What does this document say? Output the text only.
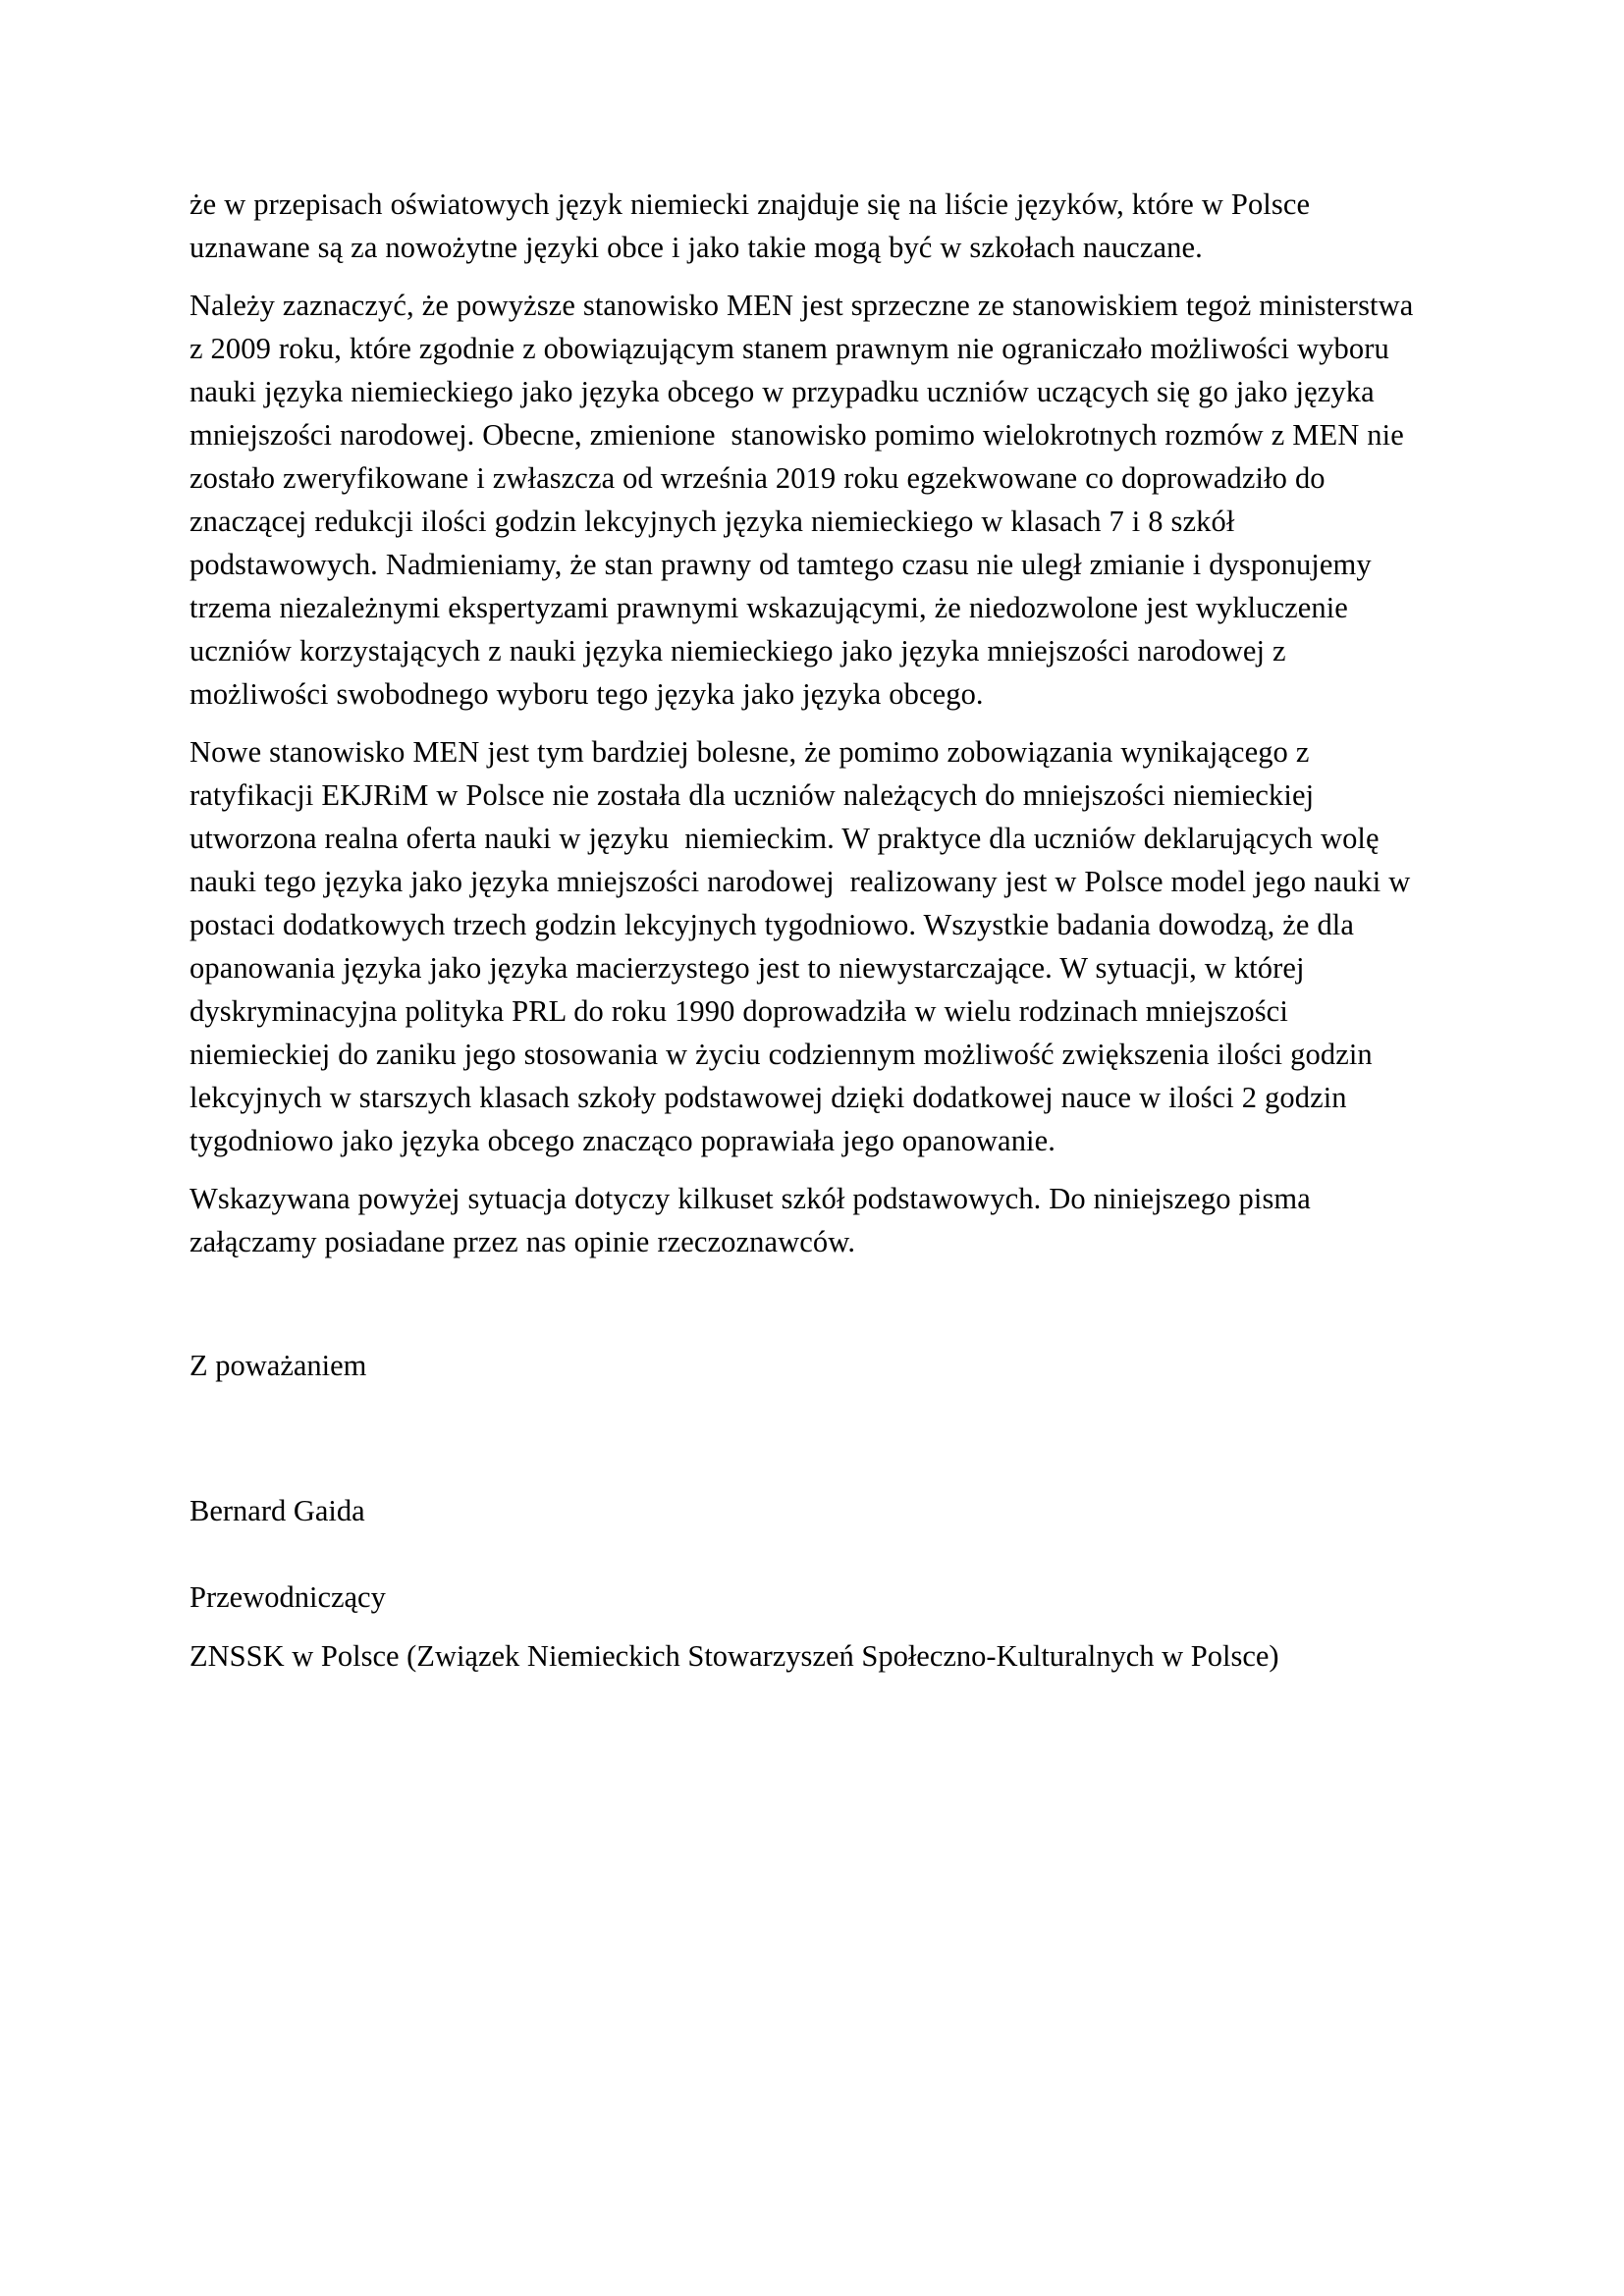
że w przepisach oświatowych język niemiecki znajduje się na liście języków, które w Polsce uznawane są za nowożytne języki obce i jako takie mogą być w szkołach nauczane.

Należy zaznaczyć, że powyższe stanowisko MEN jest sprzeczne ze stanowiskiem tegoż ministerstwa z 2009 roku, które zgodnie z obowiązującym stanem prawnym nie ograniczało możliwości wyboru nauki języka niemieckiego jako języka obcego w przypadku uczniów uczących się go jako języka mniejszości narodowej. Obecne, zmienione  stanowisko pomimo wielokrotnych rozmów z MEN nie zostało zweryfikowane i zwłaszcza od września 2019 roku egzekwowane co doprowadziło do znaczącej redukcji ilości godzin lekcyjnych języka niemieckiego w klasach 7 i 8 szkół podstawowych. Nadmieniamy, że stan prawny od tamtego czasu nie uległ zmianie i dysponujemy trzema niezależnymi ekspertyzami prawnymi wskazującymi, że niedozwolone jest wykluczenie uczniów korzystających z nauki języka niemieckiego jako języka mniejszości narodowej z możliwości swobodnego wyboru tego języka jako języka obcego.

Nowe stanowisko MEN jest tym bardziej bolesne, że pomimo zobowiązania wynikającego z ratyfikacji EKJRiM w Polsce nie została dla uczniów należących do mniejszości niemieckiej utworzona realna oferta nauki w języku  niemieckim. W praktyce dla uczniów deklarujących wolę nauki tego języka jako języka mniejszości narodowej  realizowany jest w Polsce model jego nauki w postaci dodatkowych trzech godzin lekcyjnych tygodniowo. Wszystkie badania dowodzą, że dla opanowania języka jako języka macierzystego jest to niewystarczające. W sytuacji, w której dyskryminacyjna polityka PRL do roku 1990 doprowadziła w wielu rodzinach mniejszości niemieckiej do zaniku jego stosowania w życiu codziennym możliwość zwiększenia ilości godzin lekcyjnych w starszych klasach szkoły podstawowej dzięki dodatkowej nauce w ilości 2 godzin tygodniowo jako języka obcego znacząco poprawiała jego opanowanie.

Wskazywana powyżej sytuacja dotyczy kilkuset szkół podstawowych. Do niniejszego pisma załączamy posiadane przez nas opinie rzeczoznawców.

Z poważaniem

Bernard Gaida

Przewodniczący

ZNSSK w Polsce (Związek Niemieckich Stowarzyszeń Społeczno-Kulturalnych w Polsce)
